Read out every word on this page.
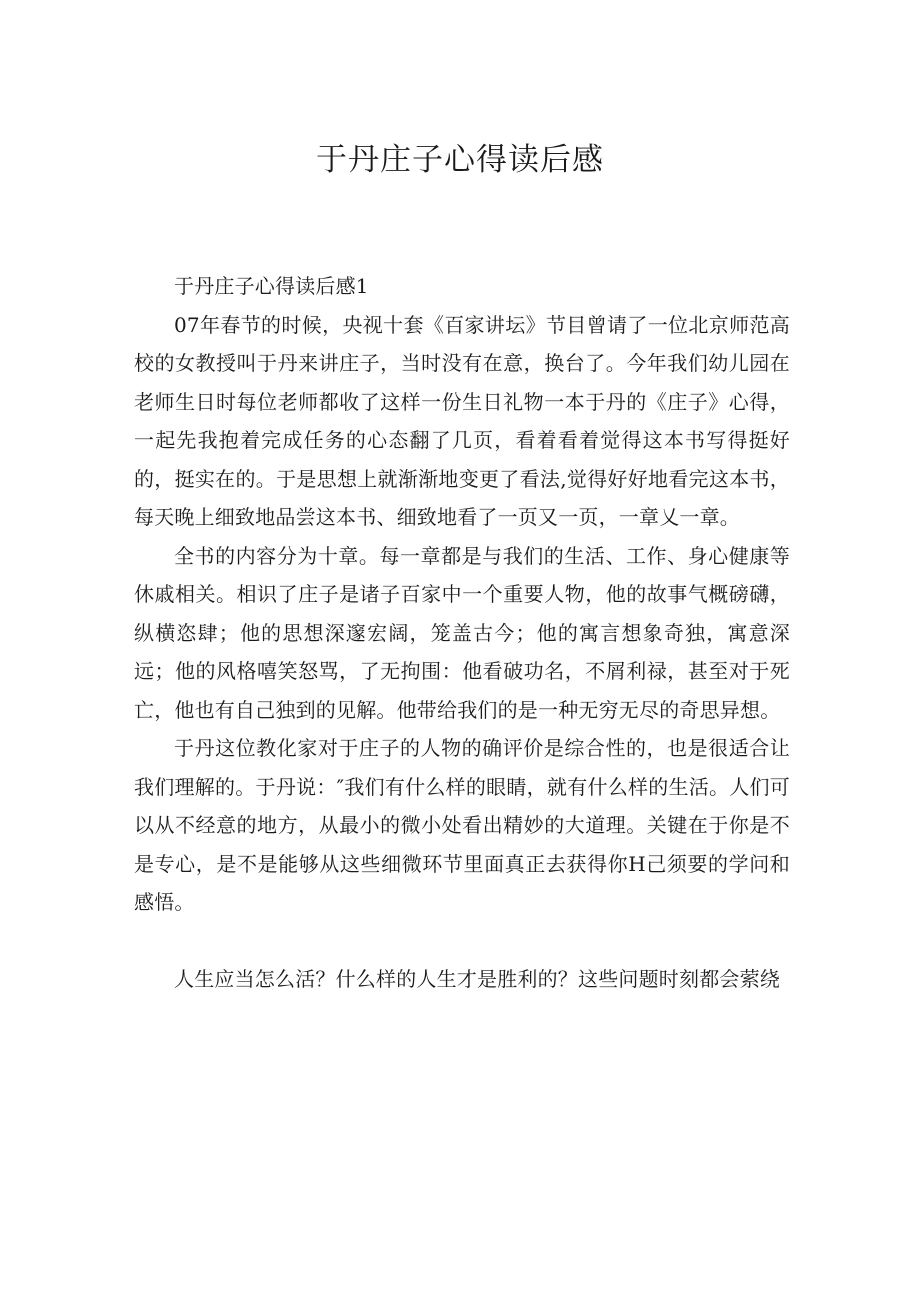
于丹庄子心得读后感

于丹庄子心得读后感1

07年春节的时候，央视十套《百家讲坛》节目曾请了一位北京师范高校的女教授叫于丹来讲庄子，当时没有在意，换台了。今年我们幼儿园在老师生日时每位老师都收了这样一份生日礼物一本于丹的《庄子》心得，一起先我抱着完成任务的心态翻了几页，看着看着觉得这本书写得挺好的，挺实在的。于是思想上就渐渐地变更了看法,觉得好好地看完这本书，每天晚上细致地品尝这本书、细致地看了一页又一页，一章乂一章。

全书的内容分为十章。每一章都是与我们的生活、工作、身心健康等休戚相关。相识了庄子是诸子百家中一个重要人物，他的故事气概磅礴，纵横恣肆；他的思想深邃宏阔，笼盖古今；他的寓言想象奇独，寓意深远；他的风格嘻笑怒骂，了无拘围：他看破功名，不屑利禄，甚至对于死亡，他也有自己独到的见解。他带给我们的是一种无穷无尽的奇思异想。

于丹这位教化家对于庄子的人物的确评价是综合性的，也是很适合让我们理解的。于丹说：″我们有什么样的眼睛，就有什么样的生活。人们可以从不经意的地方，从最小的微小处看出精妙的大道理。关键在于你是不是专心，是不是能够从这些细微环节里面真正去获得你H己须要的学问和感悟。

人生应当怎么活？什么样的人生才是胜利的？这些问题时刻都会萦绕
